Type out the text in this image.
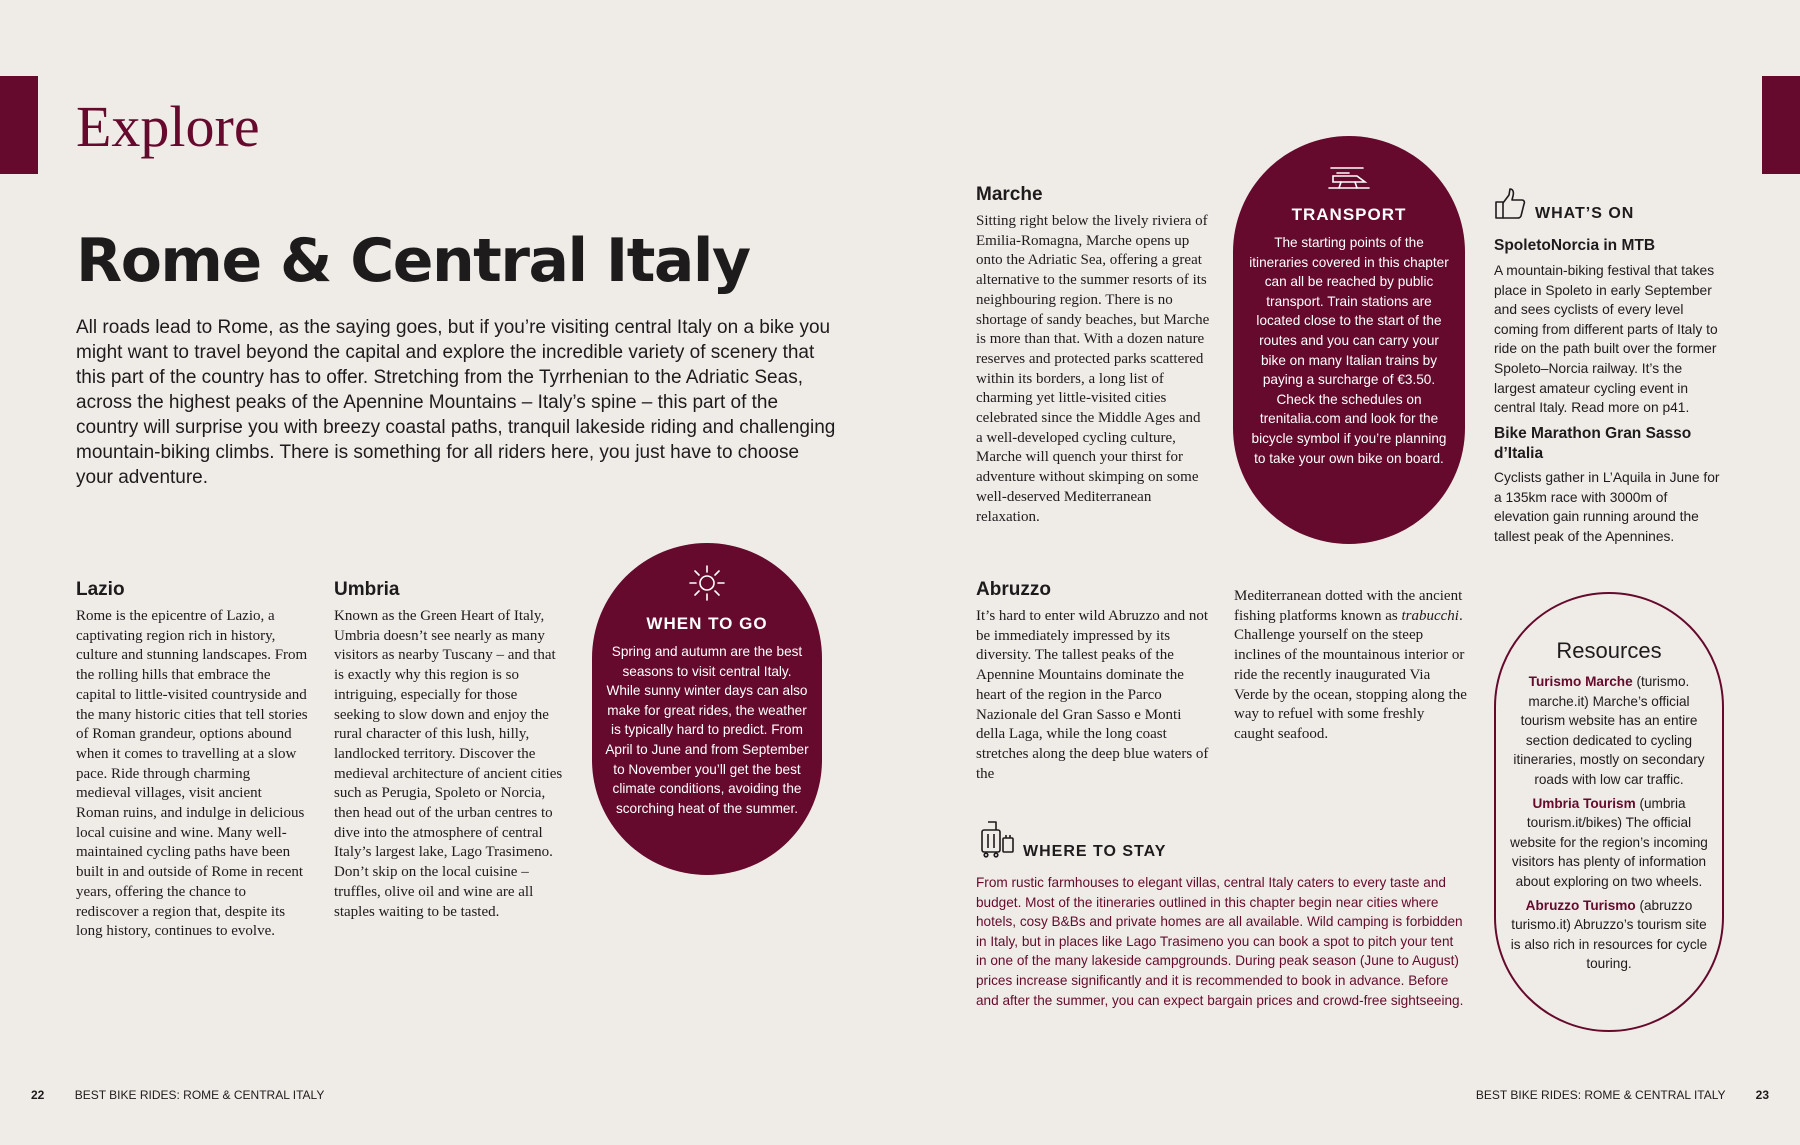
Explore
Rome & Central Italy

All roads lead to Rome, as the saying goes, but if you’re visiting central Italy on a bike you might want to travel beyond the capital and explore the incredible variety of scenery that this part of the country has to offer. Stretching from the Tyrrhenian to the Adriatic Seas, across the highest peaks of the Apennine Mountains – Italy’s spine – this part of the country will surprise you with breezy coastal paths, tranquil lakeside riding and challenging mountain-biking climbs. There is something for all riders here, you just have to choose your adventure.

Lazio

Rome is the epicentre of Lazio, a captivating region rich in history, culture and stunning landscapes. From the rolling hills that embrace the capital to little-visited countryside and the many historic cities that tell stories of Roman grandeur, options abound when it comes to travelling at a slow pace. Ride through charming medieval villages, visit ancient Roman ruins, and indulge in delicious local cuisine and wine. Many well-maintained cycling paths have been built in and outside of Rome in recent years, offering the chance to rediscover a region that, despite its long history, continues to evolve.

Umbria

Known as the Green Heart of Italy, Umbria doesn’t see nearly as many visitors as nearby Tuscany – and that is exactly why this region is so intriguing, especially for those seeking to slow down and enjoy the rural character of this lush, hilly, landlocked territory. Discover the medieval architecture of ancient cities such as Perugia, Spoleto or Norcia, then head out of the urban centres to dive into the atmosphere of central Italy’s largest lake, Lago Trasimeno. Don’t skip on the local cuisine – truffles, olive oil and wine are all staples waiting to be tasted.

WHEN TO GO
Spring and autumn are the best seasons to visit central Italy. While sunny winter days can also make for great rides, the weather is typically hard to predict. From April to June and from September to November you’ll get the best climate conditions, avoiding the scorching heat of the summer.
Marche

Sitting right below the lively riviera of Emilia-Romagna, Marche opens up onto the Adriatic Sea, offering a great alternative to the summer resorts of its neighbouring region. There is no shortage of sandy beaches, but Marche is more than that. With a dozen nature reserves and protected parks scattered within its borders, a long list of charming yet little-visited cities celebrated since the Middle Ages and a well-developed cycling culture, Marche will quench your thirst for adventure without skimping on some well-deserved Mediterranean relaxation.

TRANSPORT
The starting points of the itineraries covered in this chapter can all be reached by public transport. Train stations are located close to the start of the routes and you can carry your bike on many Italian trains by paying a surcharge of €3.50. Check the schedules on trenitalia.com and look for the bicycle symbol if you’re planning to take your own bike on board.
WHAT’S ON
SpoletoNorcia in MTB

A mountain-biking festival that takes place in Spoleto in early September and sees cyclists of every level coming from different parts of Italy to ride on the path built over the former Spoleto–Norcia railway. It’s the largest amateur cycling event in central Italy. Read more on p41.

Bike Marathon Gran Sasso d’Italia

Cyclists gather in L’Aquila in June for a 135km race with 3000m of elevation gain running around the tallest peak of the Apennines.

Abruzzo

It’s hard to enter wild Abruzzo and not be immediately impressed by its diversity. The tallest peaks of the Apennine Mountains dominate the heart of the region in the Parco Nazionale del Gran Sasso e Monti della Laga, while the long coast stretches along the deep blue waters of the

Mediterranean dotted with the ancient fishing platforms known as trabucchi. Challenge yourself on the steep inclines of the mountainous interior or ride the recently inaugurated Via Verde by the ocean, stopping along the way to refuel with some freshly caught seafood.

WHERE TO STAY

From rustic farmhouses to elegant villas, central Italy caters to every taste and budget. Most of the itineraries outlined in this chapter begin near cities where hotels, cosy B&Bs and private homes are all available. Wild camping is forbidden in Italy, but in places like Lago Trasimeno you can book a spot to pitch your tent in one of the many lakeside campgrounds. During peak season (June to August) prices increase significantly and it is recommended to book in advance. Before and after the summer, you can expect bargain prices and crowd-free sightseeing.

Resources

Turismo Marche (turismo. marche.it) Marche’s official tourism website has an entire section dedicated to cycling itineraries, mostly on secondary roads with low car traffic.

Umbria Tourism (umbria tourism.it/bikes) The official website for the region’s incoming visitors has plenty of information about exploring on two wheels.

Abruzzo Turismo (abruzzo turismo.it) Abruzzo’s tourism site is also rich in resources for cycle touring.

22	BEST BIKE RIDES: ROME & CENTRAL ITALY	BEST BIKE RIDES: ROME & CENTRAL ITALY	23
